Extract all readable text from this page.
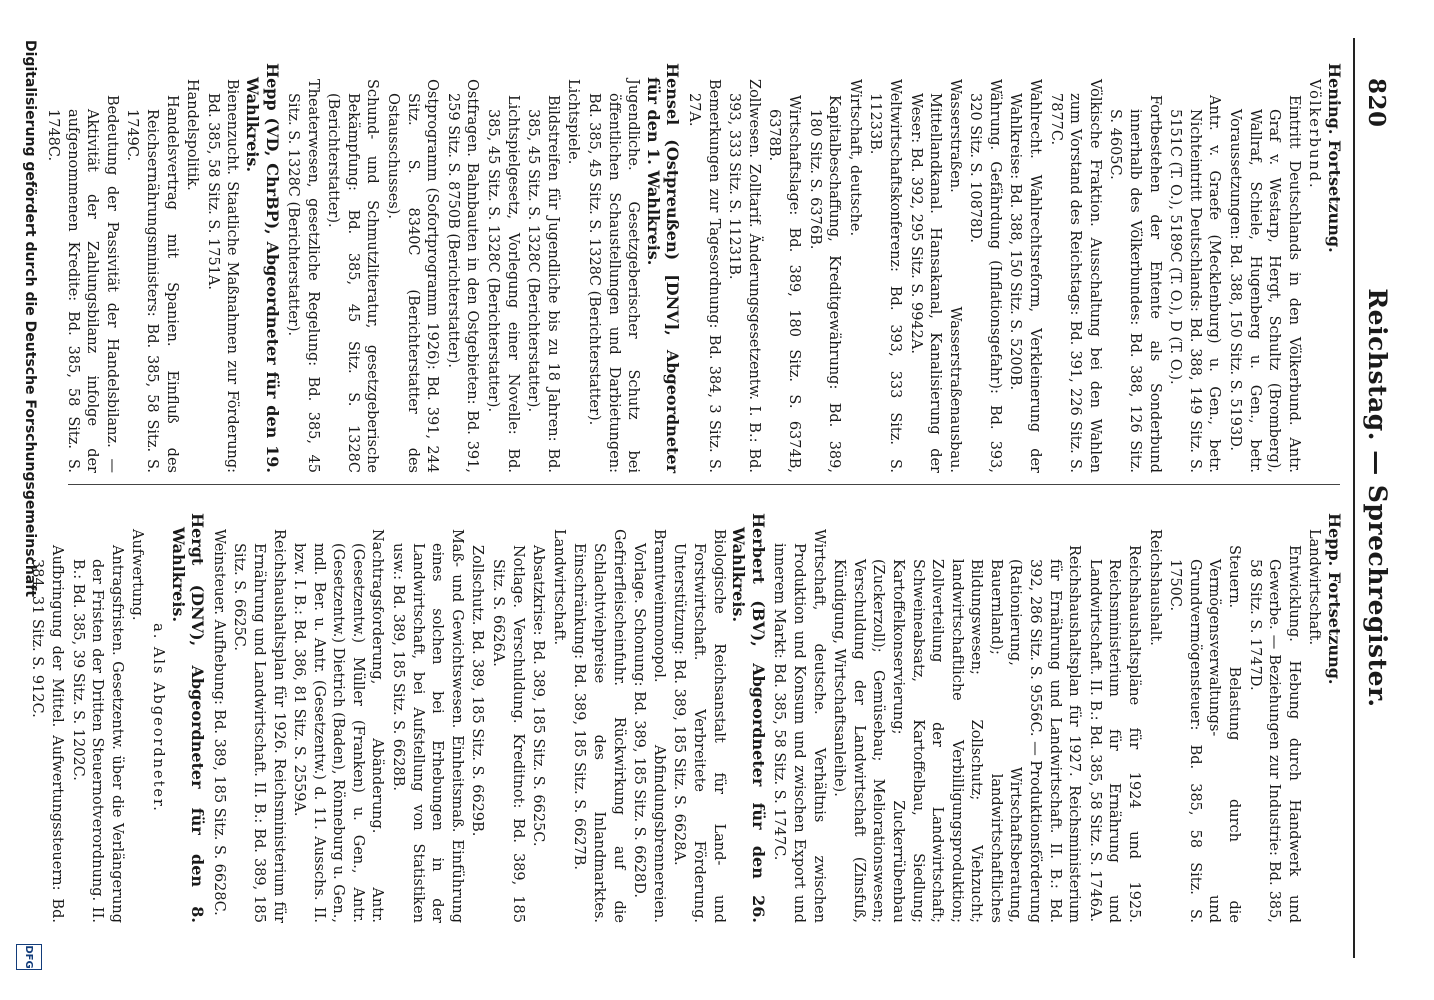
820
Reichstag. — Sprechregister.
Hening. Fortsetzung.
Völkerbund.
Eintritt Deutschlands in den Völkerbund. Antr. Graf v. Westarp, Hergt, Schultz (Bromberg), Wallraf, Schiele, Hugenberg u. Gen., betr. Voraussetzungen: Bd. 388, 150 Sitz. S. 5193D.
Antr. v. Graefe (Mecklenburg) u. Gen., betr. Nichteintritt Deutschlands: Bd. 388, 149 Sitz. S. 5151C (T. O.), 5189C (T. O.), D (T. O.).
Fortbestehen der Entente als Sonderbund innerhalb des Völkerbundes: Bd. 388, 126 Sitz. S. 4605C.
Völkische Fraktion. Ausschaltung bei den Wahlen zum Vorstand des Reichstags: Bd. 391, 226 Sitz. S. 7877C.
Wahlrecht. Wahlrechtsreform, Verkleinerung der Wahlkreise: Bd. 388, 150 Sitz. S. 5200B.
Währung. Gefährdung (Inflationsgefahr): Bd. 393, 320 Sitz. S. 10878D.
Wasserstraßen. Wasserstraßenausbau. Mittellandkanal. Hansakanal, Kanalisierung der Weser: Bd. 392, 295 Sitz. S. 9942A.
Weltwirtschaftskonferenz: Bd. 393, 333 Sitz. S. 11233B.
Wirtschaft, deutsche.
Kapitalbeschaffung, Kreditgewährung: Bd. 389, 180 Sitz. S. 6376B.
Wirtschaftslage: Bd. 389, 180 Sitz. S. 6374B, 6378B.
Zollwesen. Zolltarif. Änderungsgesetzentw. I. B.: Bd. 393, 333 Sitz. S. 11231B.
Bemerkungen zur Tagesordnung: Bd. 384, 3 Sitz. S. 27A.
Hensel (Ostpreußen) [DNV], Abgeordneter für den 1. Wahlkreis.
Jugendliche. Gesetzgeberischer Schutz bei öffentlichen Schaustellungen und Darbietungen: Bd. 385, 45 Sitz. S. 1328C (Berichterstatter).
Lichtspiele.
Bildstreifen für Jugendliche bis zu 18 Jahren: Bd. 385, 45 Sitz. S. 1328C (Berichterstatter).
Lichtspielgesetz, Vorlegung einer Novelle: Bd. 385, 45 Sitz. S. 1328C (Berichterstatter).
Ostfragen. Bahnbauten in den Ostgebieten: Bd. 391, 259 Sitz. S. 8750B (Berichterstatter).
Ostprogramm (Sofortprogramm 1926): Bd. 391, 244 Sitz. S. 8340C (Berichterstatter des Ostausschusses).
Schund- und Schmutzliteratur, gesetzgeberische Bekämpfung: Bd. 385, 45 Sitz. S. 1328C (Berichterstatter).
Theaterwesen, gesetzliche Regelung: Bd. 385, 45 Sitz. S. 1328C (Berichterstatter).
Hepp (VD, ChrBP), Abgeordneter für den 19. Wahlkreis.
Bienenzucht. Staatliche Maßnahmen zur Förderung: Bd. 385, 58 Sitz. S. 1751A.
Handelspolitik.
Handelsvertrag mit Spanien. Einfluß des Reichsernährungsministers: Bd. 385, 58 Sitz. S. 1749C.
Bedeutung der Passivität der Handelsbilanz. — Aktivität der Zahlungsbilanz infolge der aufgenommenen Kredite: Bd. 385, 58 Sitz. S. 1748C.
Hepp. Fortsetzung.
Landwirtschaft.
Entwicklung. Hebung durch Handwerk und Gewerbe. — Beziehungen zur Industrie: Bd. 385, 58 Sitz. S. 1747D.
Steuern. Belastung durch die Vermögensverwaltungs- und Grundvermögensteuer: Bd. 385, 58 Sitz. S. 1750C.
Reichshaushalt.
Reichshaushaltspläne für 1924 und 1925. Reichsministerium für Ernährung und Landwirtschaft. II. B.: Bd. 385, 58 Sitz. S. 1746A.
Reichshaushaltsplan für 1927. Reichsministerium für Ernährung und Landwirtschaft. II. B.: Bd. 392, 286 Sitz. S. 9556C. — Produktionsförderung (Rationierung, Wirtschaftsberatung, Bauernland); landwirtschaftliches Bildungswesen; Zollschutz; Viehzucht; landwirtschaftliche Verbilligungsproduktion; Zollverteilung der Landwirtschaft; Schweineabsatz, Kartoffelbau, Siedlung; Kartoffelkonservierung; Zuckerrübenbau (Zuckerzoll); Gemüsebau; Meliorationswesen; Verschuldung der Landwirtschaft (Zinsfuß, Kündigung, Wirtschaftsanleihe).
Wirtschaft, deutsche. Verhältnis zwischen Produktion und Konsum und zwischen Export und innerem Markt: Bd. 385, 58 Sitz. S. 1747C.
Herbert (BV), Abgeordneter für den 26. Wahlkreis.
Biologische Reichsanstalt für Land- und Forstwirtschaft. Verbreitete Förderung. Unterstützung: Bd. 389, 185 Sitz. S. 6628A.
Branntweinmonopol. Abfindungsbrennereien. Vorlage. Schonung: Bd. 389, 185 Sitz. S. 6628D.
Gefrierfleischeinfuhr. Rückwirkung auf die Schlachtviehpreise des Inlandmarktes. Einschränkung: Bd. 389, 185 Sitz. S. 6627B.
Landwirtschaft.
Absatzkrise: Bd. 389, 185 Sitz. S. 6625C.
Notlage. Verschuldung. Kreditnot: Bd. 389, 185 Sitz. S. 6626A.
Zollschutz. Bd. 389, 185 Sitz. S. 6629B.
Maß- und Gewichtswesen. Einheitsmaß. Einführung eines solchen bei Erhebungen in der Landwirtschaft, bei Aufstellung von Statistiken usw.: Bd. 389, 185 Sitz. S. 6628B.
Nachtragsforderung, Abänderung. Antr. (Gesetzentw.) Müller (Franken) u. Gen., Antr. (Gesetzentw.) Dietrich (Baden), Rönneburg u. Gen., mdl. Ber. u. Antr. (Gesetzentw.) d. 11. Ausschs. II. bzw. I. B.: Bd. 386, 81 Sitz. S. 2559A.
Reichshaushaltsplan für 1926. Reichsministerium für Ernährung und Landwirtschaft. II. B.: Bd. 389, 185 Sitz. S. 6625C.
Weinsteuer. Aufhebung: Bd. 389, 185 Sitz. S. 6628C.
Hergt (DNV), Abgeordneter für den 8. Wahlkreis.
a. Als Abgeordneter.
Aufwertung.
Antragsfristen. Gesetzentw. über die Verlängerung der Fristen der Dritten Steuernotverordnung. II. B.: Bd. 385, 39 Sitz. S. 1202C.
Aufbringung der Mittel. Aufwertungssteuern: Bd. 384, 31 Sitz. S. 912C.
Digitalisierung gefördert durch die Deutsche Forschungsgemeinschaft
DFG
